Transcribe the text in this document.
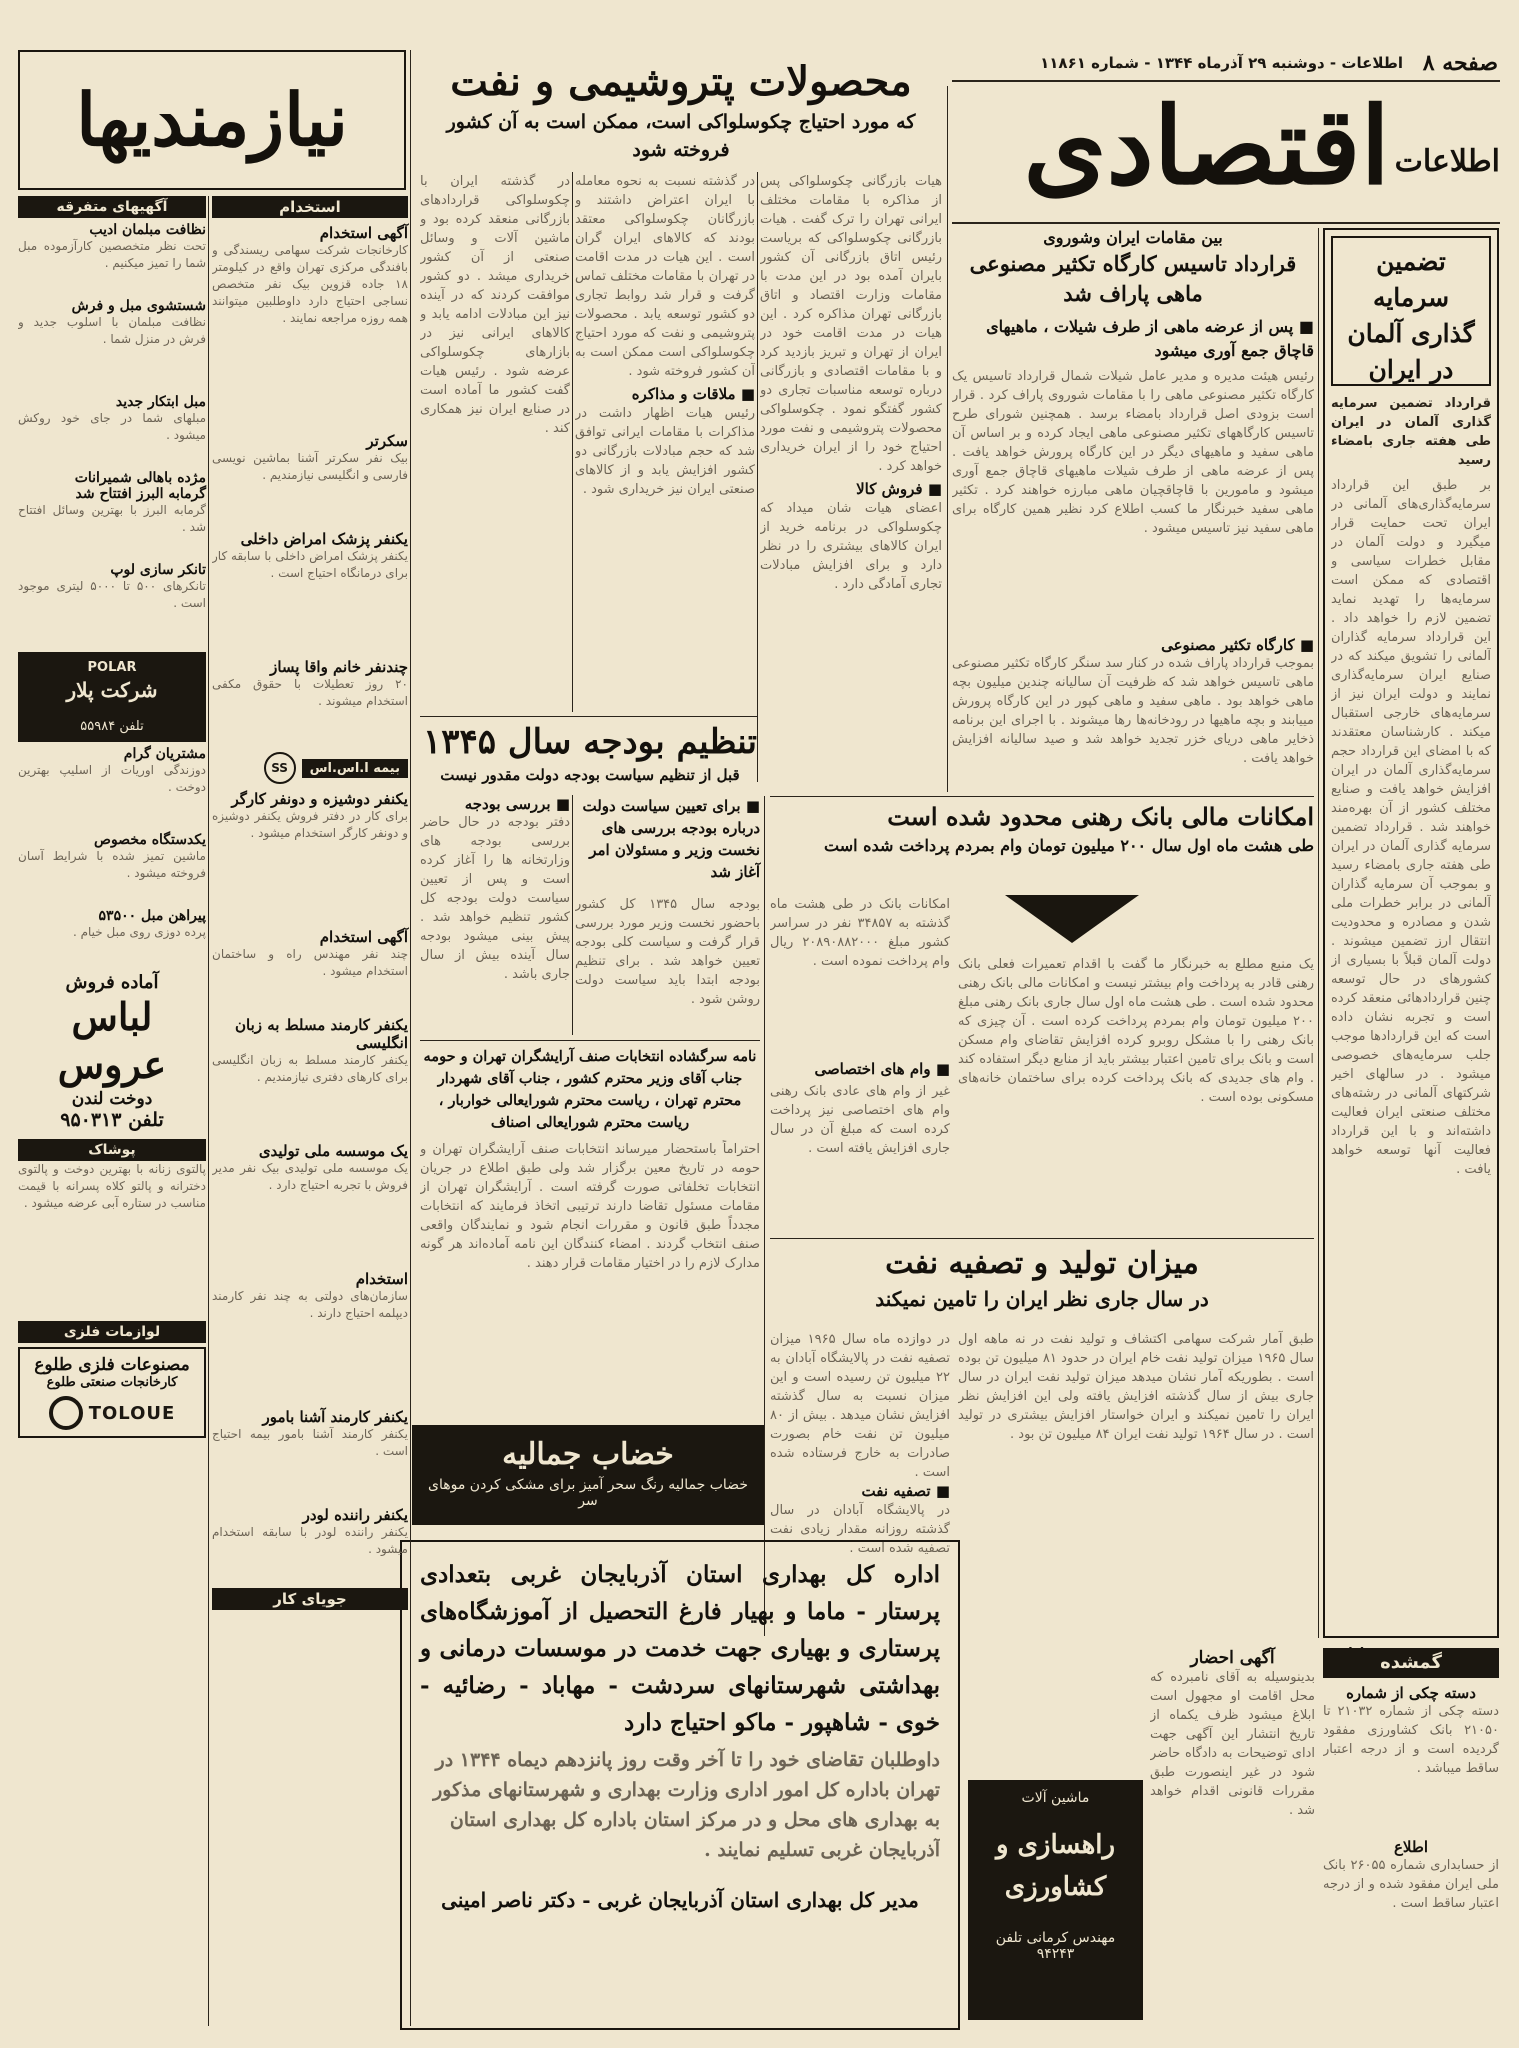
صفحه ۸
اطلاعات - دوشنبه ۲۹ آذرماه ۱۳۴۴ - شماره ۱۱۸۶۱
اطلاعات
اقتصادی
تضمین سرمایه گذاری آلمان در ایران
قرارداد تضمین سرمایه گذاری آلمان در ایران طی هفته جاری بامضاء رسید
بر طبق این قرارداد سرمایه‌گذاری‌های آلمانی در ایران تحت حمایت قرار میگیرد و دولت آلمان در مقابل خطرات سیاسی و اقتصادی که ممکن است سرمایه‌ها را تهدید نماید تضمین لازم را خواهد داد . این قرارداد سرمایه گذاران آلمانی را تشویق میکند که در صنایع ایران سرمایه‌گذاری نمایند و دولت ایران نیز از سرمایه‌های خارجی استقبال میکند . کارشناسان معتقدند که با امضای این قرارداد حجم سرمایه‌گذاری آلمان در ایران افزایش خواهد یافت و صنایع مختلف کشور از آن بهره‌مند خواهند شد . قرارداد تضمین سرمایه گذاری آلمان در ایران طی هفته جاری بامضاء رسید و بموجب آن سرمایه گذاران آلمانی در برابر خطرات ملی شدن و مصادره و محدودیت انتقال ارز تضمین میشوند . دولت آلمان قبلاً با بسیاری از کشورهای در حال توسعه چنین قراردادهائی منعقد کرده است و تجربه نشان داده است که این قراردادها موجب جلب سرمایه‌های خصوصی میشود . در سالهای اخیر شرکتهای آلمانی در رشته‌های مختلف صنعتی ایران فعالیت داشته‌اند و با این قرارداد فعالیت آنها توسعه خواهد یافت .
بین مقامات ایران وشوروی
قرارداد تاسیس کارگاه تکثیر مصنوعی ماهی پاراف شد
■ پس از عرضه ماهی از طرف شیلات ، ماهیهای قاچاق جمع آوری میشود
رئیس هیئت مدیره و مدیر عامل شیلات شمال قرارداد تاسیس یک کارگاه تکثیر مصنوعی ماهی را با مقامات شوروی پاراف کرد . قرار است بزودی اصل قرارداد بامضاء برسد . همچنین شورای طرح تاسیس کارگاههای تکثیر مصنوعی ماهی ایجاد کرده و بر اساس آن ماهی سفید و ماهیهای دیگر در این کارگاه پرورش خواهد یافت . پس از عرضه ماهی از طرف شیلات ماهیهای قاچاق جمع آوری میشود و مامورین با قاچاقچیان ماهی مبارزه خواهند کرد . تکثیر ماهی سفید خبرنگار ما کسب اطلاع کرد نظیر همین کارگاه برای ماهی سفید نیز تاسیس میشود .
■ کارگاه تکثیر مصنوعی
بموجب قرارداد پاراف شده در کنار سد سنگر کارگاه تکثیر مصنوعی ماهی تاسیس خواهد شد که ظرفیت آن سالیانه چندین میلیون بچه ماهی خواهد بود . ماهی سفید و ماهی کپور در این کارگاه پرورش مییابند و بچه ماهیها در رودخانه‌ها رها میشوند . با اجرای این برنامه ذخایر ماهی دریای خزر تجدید خواهد شد و صید سالیانه افزایش خواهد یافت .
امکانات مالی بانک رهنی محدود شده است
طی هشت ماه اول سال ۲۰۰ میلیون تومان وام بمردم پرداخت شده است
یک منبع مطلع به خبرنگار ما گفت با اقدام تعمیرات فعلی بانک رهنی قادر به پرداخت وام بیشتر نیست و امکانات مالی بانک رهنی محدود شده است . طی هشت ماه اول سال جاری بانک رهنی مبلغ ۲۰۰ میلیون تومان وام بمردم پرداخت کرده است . آن چیزی که بانک رهنی را با مشکل روبرو کرده افزایش تقاضای وام مسکن است و بانک برای تامین اعتبار بیشتر باید از منابع دیگر استفاده کند . وام های جدیدی که بانک پرداخت کرده برای ساختمان خانه‌های مسکونی بوده است .
امکانات بانک در طی هشت ماه گذشته به ۳۴۸۵۷ نفر در سراسر کشور مبلغ ۲۰۸۹۰۸۸۲۰۰۰ ریال وام پرداخت نموده است .
■ وام های اختصاصی
غیر از وام های عادی بانک رهنی وام های اختصاصی نیز پرداخت کرده است که مبلغ آن در سال جاری افزایش یافته است .
میزان تولید و تصفیه نفت
در سال جاری نظر ایران را تامین نمیکند
طبق آمار شرکت سهامی اکتشاف و تولید نفت در نه ماهه اول سال ۱۹۶۵ میزان تولید نفت خام ایران در حدود ۸۱ میلیون تن بوده است . بطوریکه آمار نشان میدهد میزان تولید نفت ایران در سال جاری بیش از سال گذشته افزایش یافته ولی این افزایش نظر ایران را تامین نمیکند و ایران خواستار افزایش بیشتری در تولید است . در سال ۱۹۶۴ تولید نفت ایران ۸۴ میلیون تن بود .
در دوازده ماه سال ۱۹۶۵ میزان تصفیه نفت در پالایشگاه آبادان به ۲۲ میلیون تن رسیده است و این میزان نسبت به سال گذشته افزایش نشان میدهد . بیش از ۸۰ میلیون تن نفت خام بصورت صادرات به خارج فرستاده شده است .
■ تصفیه نفت
در پالایشگاه آبادان در سال گذشته روزانه مقدار زیادی نفت تصفیه شده است .
محصولات پتروشیمی و نفت
که مورد احتیاج چکوسلواکی است، ممکن است به آن کشور فروخته شود
هیات بازرگانی چکوسلواکی پس از مذاکره با مقامات مختلف ایرانی تهران را ترک گفت . هیات بازرگانی چکوسلواکی که بریاست رئیس اتاق بازرگانی آن کشور بایران آمده بود در این مدت با مقامات وزارت اقتصاد و اتاق بازرگانی تهران مذاکره کرد . این هیات در مدت اقامت خود در ایران از تهران و تبریز بازدید کرد و با مقامات اقتصادی و بازرگانی درباره توسعه مناسبات تجاری دو کشور گفتگو نمود . چکوسلواکی محصولات پتروشیمی و نفت مورد احتیاج خود را از ایران خریداری خواهد کرد .
■ فروش کالا
اعضای هیات شان میداد که چکوسلواکی در برنامه خرید از ایران کالاهای بیشتری را در نظر دارد و برای افزایش مبادلات تجاری آمادگی دارد .
در گذشته نسبت به نحوه معامله با ایران اعتراض داشتند و بازرگانان چکوسلواکی معتقد بودند که کالاهای ایران گران است . این هیات در مدت اقامت در تهران با مقامات مختلف تماس گرفت و قرار شد روابط تجاری دو کشور توسعه یابد . محصولات پتروشیمی و نفت که مورد احتیاج چکوسلواکی است ممکن است به آن کشور فروخته شود .
■ ملاقات و مذاکره
رئیس هیات اظهار داشت در مذاکرات با مقامات ایرانی توافق شد که حجم مبادلات بازرگانی دو کشور افزایش یابد و از کالاهای صنعتی ایران نیز خریداری شود .
در گذشته ایران با چکوسلواکی قراردادهای بازرگانی منعقد کرده بود و ماشین آلات و وسائل صنعتی از آن کشور خریداری میشد . دو کشور موافقت کردند که در آینده نیز این مبادلات ادامه یابد و کالاهای ایرانی نیز در بازارهای چکوسلواکی عرضه شود . رئیس هیات گفت کشور ما آماده است در صنایع ایران نیز همکاری کند .
تنظیم بودجه سال ۱۳۴۵
قبل از تنظیم سیاست بودجه دولت مقدور نیست
■ برای تعیین سیاست دولت درباره بودجه بررسی های نخست وزیر و مسئولان امر آغاز شد
بودجه سال ۱۳۴۵ کل کشور باحضور نخست وزیر مورد بررسی قرار گرفت و سیاست کلی بودجه تعیین خواهد شد . برای تنظیم بودجه ابتدا باید سیاست دولت روشن شود .
■ بررسی بودجه
دفتر بودجه در حال حاضر بررسی بودجه های وزارتخانه ها را آغاز کرده است و پس از تعیین سیاست دولت بودجه کل کشور تنظیم خواهد شد . پیش بینی میشود بودجه سال آینده بیش از سال جاری باشد .
نامه سرگشاده انتخابات صنف آرایشگران تهران و حومه جناب آقای وزیر محترم کشور ، جناب آقای شهردار محترم تهران ، ریاست محترم شورایعالی خواربار ، ریاست محترم شورایعالی اصناف
احتراماً باستحضار میرساند انتخابات صنف آرایشگران تهران و حومه در تاریخ معین برگزار شد ولی طبق اطلاع در جریان انتخابات تخلفاتی صورت گرفته است . آرایشگران تهران از مقامات مسئول تقاضا دارند ترتیبی اتخاذ فرمایند که انتخابات مجدداً طبق قانون و مقررات انجام شود و نمایندگان واقعی صنف انتخاب گردند . امضاء کنندگان این نامه آماده‌اند هر گونه مدارک لازم را در اختیار مقامات قرار دهند .
خضاب جمالیه
خضاب جمالیه رنگ سحر آمیز برای مشکی کردن موهای سر
اداره کل بهداری استان آذربایجان غربی بتعدادی پرستار - ماما و بهیار فارغ التحصیل از آموزشگاه‌های پرستاری و بهیاری جهت خدمت در موسسات درمانی و بهداشتی شهرستانهای سردشت - مهاباد - رضائیه - خوی - شاهپور - ماکو احتیاج دارد
داوطلبان تقاضای خود را تا آخر وقت روز پانزدهم دیماه ۱۳۴۴ در تهران باداره کل امور اداری وزارت بهداری و شهرستانهای مذکور به بهداری های محل و در مرکز استان باداره کل بهداری استان آذربایجان غربی تسلیم نمایند .
مدیر کل بهداری استان آذربایجان غربی - دکتر ناصر امینی
ماشین آلات
راهسازی و کشاورزی
مهندس کرمانی تلفن ۹۴۲۴۳
آگهی احضار
بدینوسیله به آقای نامبرده که محل اقامت او مجهول است ابلاغ میشود ظرف یکماه از تاریخ انتشار این آگهی جهت ادای توضیحات به دادگاه حاضر شود در غیر اینصورت طبق مقررات قانونی اقدام خواهد شد .
گمشده
دسته چکی از شماره
دسته چکی از شماره ۲۱۰۳۲ تا ۲۱۰۵۰ بانک کشاورزی مفقود گردیده است و از درجه اعتبار ساقط میباشد .
اطلاع
از حسابداری شماره ۲۶۰۵۵ بانک ملی ایران مفقود شده و از درجه اعتبار ساقط است .
نیازمندیها
استخدام
آگهی استخدام
کارخانجات شرکت سهامی ریسندگی و بافندگی مرکزی تهران واقع در کیلومتر ۱۸ جاده قزوین بیک نفر متخصص نساجی احتیاج دارد داوطلبین میتوانند همه روزه مراجعه نمایند .
سکرتر
بیک نفر سکرتر آشنا بماشین نویسی فارسی و انگلیسی نیازمندیم .
یکنفر پزشک امراض داخلی
یکنفر پزشک امراض داخلی با سابقه کار برای درمانگاه احتیاج است .
چندنفر خانم واقا پساز
۲۰ روز تعطیلات با حقوق مکفی استخدام میشوند .
بیمه ا.اس.اس
SS
یکنفر دوشیزه و دونفر کارگر
برای کار در دفتر فروش یکنفر دوشیزه و دونفر کارگر استخدام میشود .
آگهی استخدام
چند نفر مهندس راه و ساختمان استخدام میشود .
یکنفر کارمند مسلط به زبان انگلیسی
یکنفر کارمند مسلط به زبان انگلیسی برای کارهای دفتری نیازمندیم .
یک موسسه ملی تولیدی
یک موسسه ملی تولیدی بیک نفر مدیر فروش با تجربه احتیاج دارد .
استخدام
سازمان‌های دولتی به چند نفر کارمند دیپلمه احتیاج دارند .
یکنفر کارمند آشنا بامور
یکنفر کارمند آشنا بامور بیمه احتیاج است .
یکنفر راننده لودر
یکنفر راننده لودر با سابقه استخدام میشود .
جویای کار
آگهیهای متفرقه
نظافت مبلمان ادیب
تحت نظر متخصصین کارآزموده مبل شما را تمیز میکنیم .
شستشوی مبل و فرش
نظافت مبلمان با اسلوب جدید و فرش در منزل شما .
مبل ابتکار جدید
مبلهای شما در جای خود روکش میشود .
مژده باهالی شمیرانات
گرمابه البرز افتتاح شد
گرمابه البرز با بهترین وسائل افتتاح شد .
تانکر سازی لوپ
تانکرهای ۵۰۰ تا ۵۰۰۰ لیتری موجود است .
POLAR
شرکت پلار
تلفن ۵۵۹۸۴
مشتریان گرام
دوزندگی اوریات از اسلیپ بهترین دوخت .
یکدستگاه مخصوص
ماشین تمیز شده با شرایط آسان فروخته میشود .
پیراهن مبل ۵۳۵۰۰
پرده دوزی روی مبل خیام .
آماده فروش
لباس عروس
دوخت لندن
تلفن ۹۵۰۳۱۳
پوشاک
پالتوی زنانه با بهترین دوخت و پالتوی دخترانه و پالتو کلاه پسرانه با قیمت مناسب در ستاره آبی عرضه میشود .
لوازمات فلزی
مصنوعات فلزی طلوع
کارخانجات صنعتی طلوع
TOLOUE
